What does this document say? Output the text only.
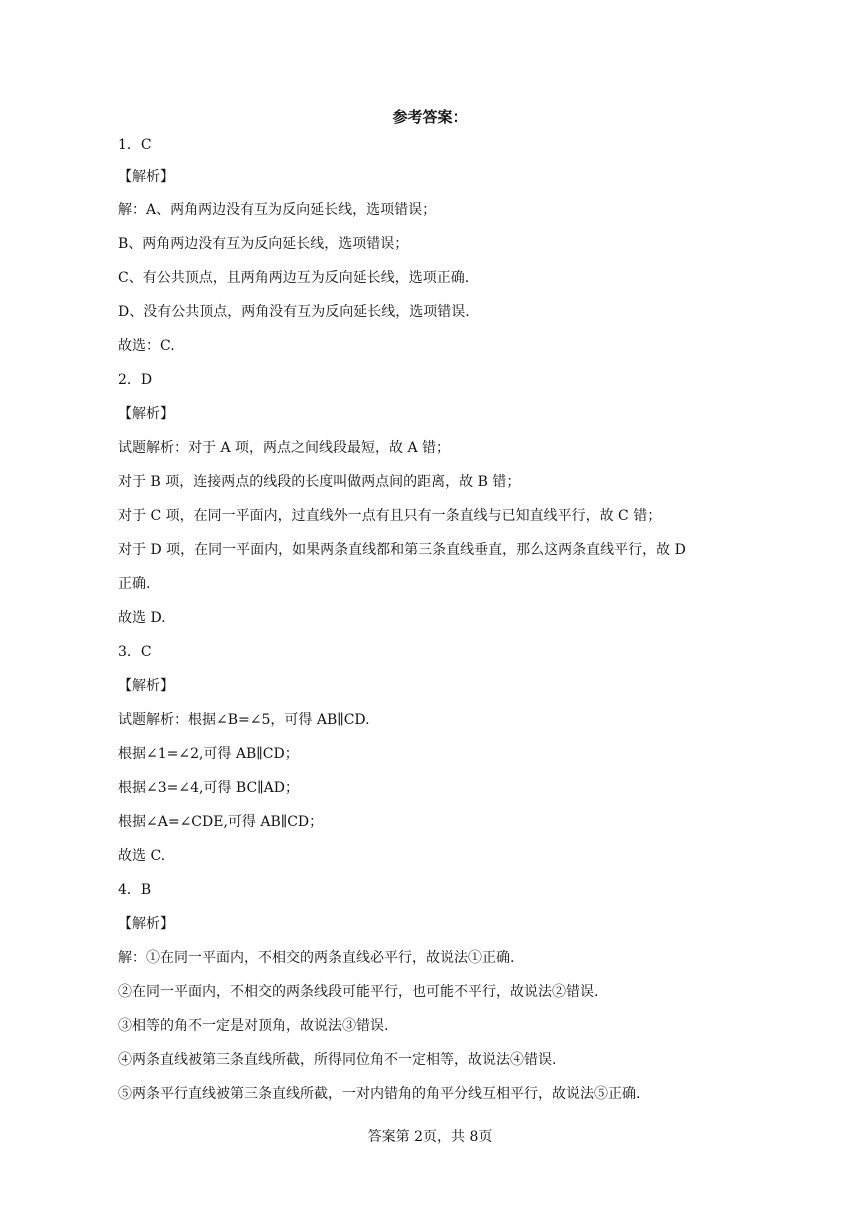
参考答案：
1．C
【解析】
解：A、两角两边没有互为反向延长线，选项错误；
B、两角两边没有互为反向延长线，选项错误；
C、有公共顶点，且两角两边互为反向延长线，选项正确.
D、没有公共顶点，两角没有互为反向延长线，选项错误.
故选：C.
2．D
【解析】
试题解析：对于 A 项，两点之间线段最短，故 A 错；
对于 B 项，连接两点的线段的长度叫做两点间的距离，故 B 错；
对于 C 项，在同一平面内，过直线外一点有且只有一条直线与已知直线平行，故 C 错；
对于 D 项，在同一平面内，如果两条直线都和第三条直线垂直，那么这两条直线平行，故 D
正确.
故选 D.
3．C
【解析】
试题解析：根据∠B=∠5，可得 AB∥CD.
根据∠1=∠2,可得 AB∥CD；
根据∠3=∠4,可得 BC∥AD；
根据∠A=∠CDE,可得 AB∥CD；
故选 C.
4．B
【解析】
解：①在同一平面内，不相交的两条直线必平行，故说法①正确.
②在同一平面内，不相交的两条线段可能平行，也可能不平行，故说法②错误.
③相等的角不一定是对顶角，故说法③错误.
④两条直线被第三条直线所截，所得同位角不一定相等，故说法④错误.
⑤两条平行直线被第三条直线所截，一对内错角的角平分线互相平行，故说法⑤正确.
答案第 2页，共 8页
